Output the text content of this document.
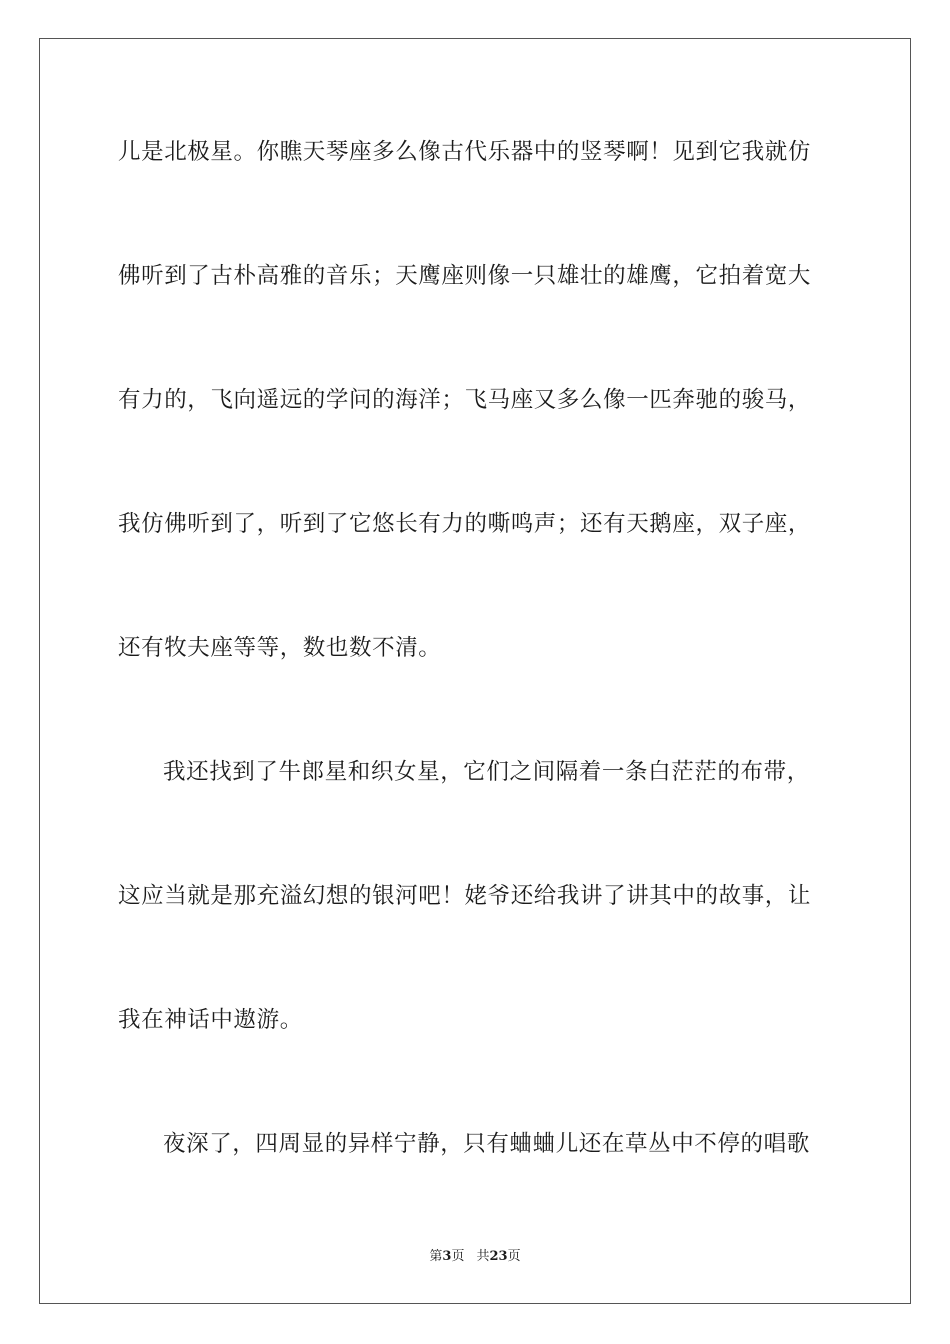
儿是北极星。你瞧天琴座多么像古代乐器中的竖琴啊！见到它我就仿
佛听到了古朴高雅的音乐；天鹰座则像一只雄壮的雄鹰，它拍着宽大
有力的，飞向遥远的学问的海洋；飞马座又多么像一匹奔驰的骏马，
我仿佛听到了，听到了它悠长有力的嘶鸣声；还有天鹅座，双子座，
还有牧夫座等等，数也数不清。
我还找到了牛郎星和织女星，它们之间隔着一条白茫茫的布带，
这应当就是那充溢幻想的银河吧！姥爷还给我讲了讲其中的故事，让
我在神话中遨游。
夜深了，四周显的异样宁静，只有蛐蛐儿还在草丛中不停的唱歌
第3页 共23页
